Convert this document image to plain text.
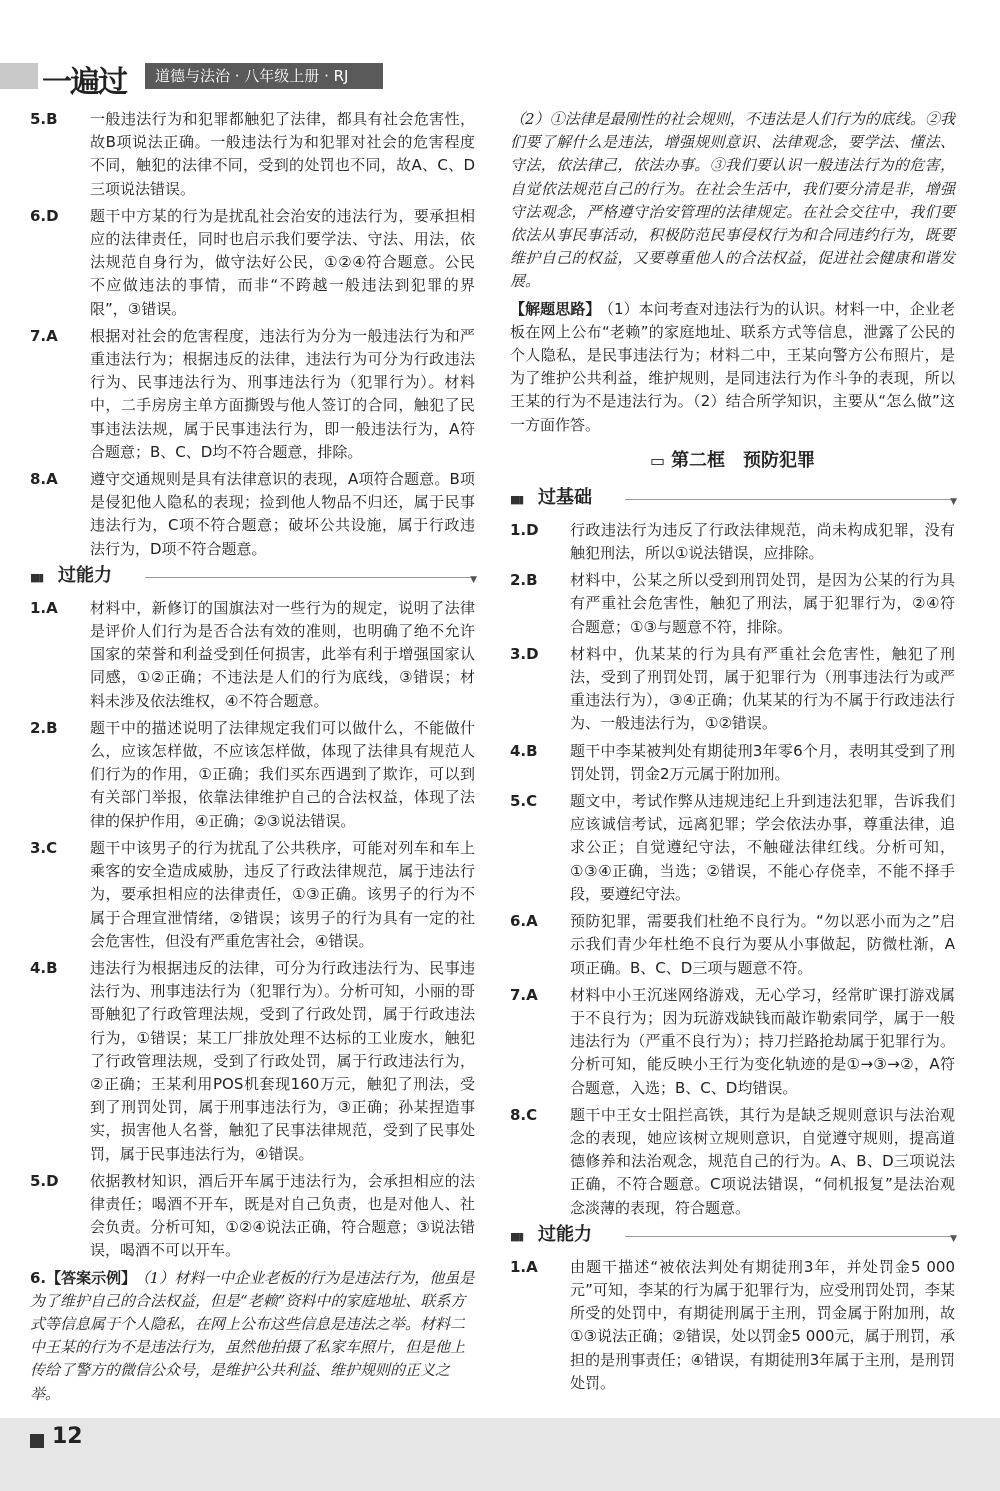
一遍过	道德与法治 · 八年级上册 · RJ
5.B 一般违法行为和犯罪都触犯了法律，都具有社会危害性，故B项说法正确。一般违法行为和犯罪对社会的危害程度不同，触犯的法律不同，受到的处罚也不同，故A、C、D三项说法错误。
6.D 题干中方某的行为是扰乱社会治安的违法行为，要承担相应的法律责任，同时也启示我们要学法、守法、用法，依法规范自身行为，做守法好公民，①②④符合题意。公民不应做违法的事情，而非“不跨越一般违法到犯罪的界限”，③错误。
7.A 根据对社会的危害程度，违法行为分为一般违法行为和严重违法行为；根据违反的法律，违法行为可分为行政违法行为、民事违法行为、刑事违法行为（犯罪行为）。材料中，二手房房主单方面撕毁与他人签订的合同，触犯了民事违法法规，属于民事违法行为，即一般违法行为，A符合题意；B、C、D均不符合题意，排除。
8.A 遵守交通规则是具有法律意识的表现，A项符合题意。B项是侵犯他人隐私的表现；捡到他人物品不归还，属于民事违法行为，C项不符合题意；破坏公共设施，属于行政违法行为，D项不符合题意。
▮▮▮ 过能力	▼
1.A 材料中，新修订的国旗法对一些行为的规定，说明了法律是评价人们行为是否合法有效的准则，也明确了绝不允许国家的荣誉和利益受到任何损害，此举有利于增强国家认同感，①②正确；不违法是人们的行为底线，③错误；材料未涉及依法维权，④不符合题意。
2.B 题干中的描述说明了法律规定我们可以做什么，不能做什么，应该怎样做，不应该怎样做，体现了法律具有规范人们行为的作用，①正确；我们买东西遇到了欺诈，可以到有关部门举报，依靠法律维护自己的合法权益，体现了法律的保护作用，④正确；②③说法错误。
3.C 题干中该男子的行为扰乱了公共秩序，可能对列车和车上乘客的安全造成威胁，违反了行政法律规范，属于违法行为，要承担相应的法律责任，①③正确。该男子的行为不属于合理宣泄情绪，②错误；该男子的行为具有一定的社会危害性，但没有严重危害社会，④错误。
4.B 违法行为根据违反的法律，可分为行政违法行为、民事违法行为、刑事违法行为（犯罪行为）。分析可知，小丽的哥哥触犯了行政管理法规，受到了行政处罚，属于行政违法行为，①错误；某工厂排放处理不达标的工业废水，触犯了行政管理法规，受到了行政处罚，属于行政违法行为，②正确；王某利用POS机套现160万元，触犯了刑法，受到了刑罚处罚，属于刑事违法行为，③正确；孙某捏造事实，损害他人名誉，触犯了民事法律规范，受到了民事处罚，属于民事违法行为，④错误。
5.D 依据教材知识，酒后开车属于违法行为，会承担相应的法律责任；喝酒不开车，既是对自己负责，也是对他人、社会负责。分析可知，①②④说法正确，符合题意；③说法错误，喝酒不可以开车。
6.【答案示例】 （1）材料一中企业老板的行为是违法行为，他虽是为了维护自己的合法权益，但是“老赖”资料中的家庭地址、联系方式等信息属于个人隐私，在网上公布这些信息是违法之举。材料二中王某的行为不是违法行为，虽然他拍摄了私家车照片，但是他上传给了警方的微信公众号，是维护公共利益、维护规则的正义之举。
（2）①法律是最刚性的社会规则，不违法是人们行为的底线。②我们要了解什么是违法，增强规则意识、法律观念，要学法、懂法、守法，依法律己，依法办事。③我们要认识一般违法行为的危害，自觉依法规范自己的行为。在社会生活中，我们要分清是非，增强守法观念，严格遵守治安管理的法律规定。在社会交往中，我们要依法从事民事活动，积极防范民事侵权行为和合同违约行为，既要维护自己的权益，又要尊重他人的合法权益，促进社会健康和谐发展。
【解题思路】 （1）本问考查对违法行为的认识。材料一中，企业老板在网上公布“老赖”的家庭地址、联系方式等信息，泄露了公民的个人隐私，是民事违法行为；材料二中，王某向警方公布照片，是为了维护公共利益，维护规则，是同违法行为作斗争的表现，所以王某的行为不是违法行为。（2）结合所学知识，主要从“怎么做”这一方面作答。
▭ 第二框　预防犯罪
▮▮▮ 过基础	▼
1.D 行政违法行为违反了行政法律规范，尚未构成犯罪，没有触犯刑法，所以①说法错误，应排除。
2.B 材料中，公某之所以受到刑罚处罚，是因为公某的行为具有严重社会危害性，触犯了刑法，属于犯罪行为，②④符合题意；①③与题意不符，排除。
3.D 材料中，仇某某的行为具有严重社会危害性，触犯了刑法，受到了刑罚处罚，属于犯罪行为（刑事违法行为或严重违法行为），③④正确；仇某某的行为不属于行政违法行为、一般违法行为，①②错误。
4.B 题干中李某被判处有期徒刑3年零6个月，表明其受到了刑罚处罚，罚金2万元属于附加刑。
5.C 题文中，考试作弊从违规违纪上升到违法犯罪，告诉我们应该诚信考试，远离犯罪；学会依法办事，尊重法律，追求公正；自觉遵纪守法，不触碰法律红线。分析可知，①③④正确，当选；②错误，不能心存侥幸，不能不择手段，要遵纪守法。
6.A 预防犯罪，需要我们杜绝不良行为。“勿以恶小而为之”启示我们青少年杜绝不良行为要从小事做起，防微杜渐，A项正确。B、C、D三项与题意不符。
7.A 材料中小王沉迷网络游戏，无心学习，经常旷课打游戏属于不良行为；因为玩游戏缺钱而敲诈勒索同学，属于一般违法行为（严重不良行为）；持刀拦路抢劫属于犯罪行为。分析可知，能反映小王行为变化轨迹的是①→③→②，A符合题意，入选；B、C、D均错误。
8.C 题干中王女士阻拦高铁，其行为是缺乏规则意识与法治观念的表现，她应该树立规则意识，自觉遵守规则，提高道德修养和法治观念，规范自己的行为。A、B、D三项说法正确，不符合题意。C项说法错误，“伺机报复”是法治观念淡薄的表现，符合题意。
▮▮▮ 过能力	▼
1.A 由题干描述“被依法判处有期徒刑3年，并处罚金5 000元”可知，李某的行为属于犯罪行为，应受刑罚处罚，李某所受的处罚中，有期徒刑属于主刑，罚金属于附加刑，故①③说法正确；②错误，处以罚金5 000元，属于刑罚，承担的是刑事责任；④错误，有期徒刑3年属于主刑，是刑罚处罚。
12
